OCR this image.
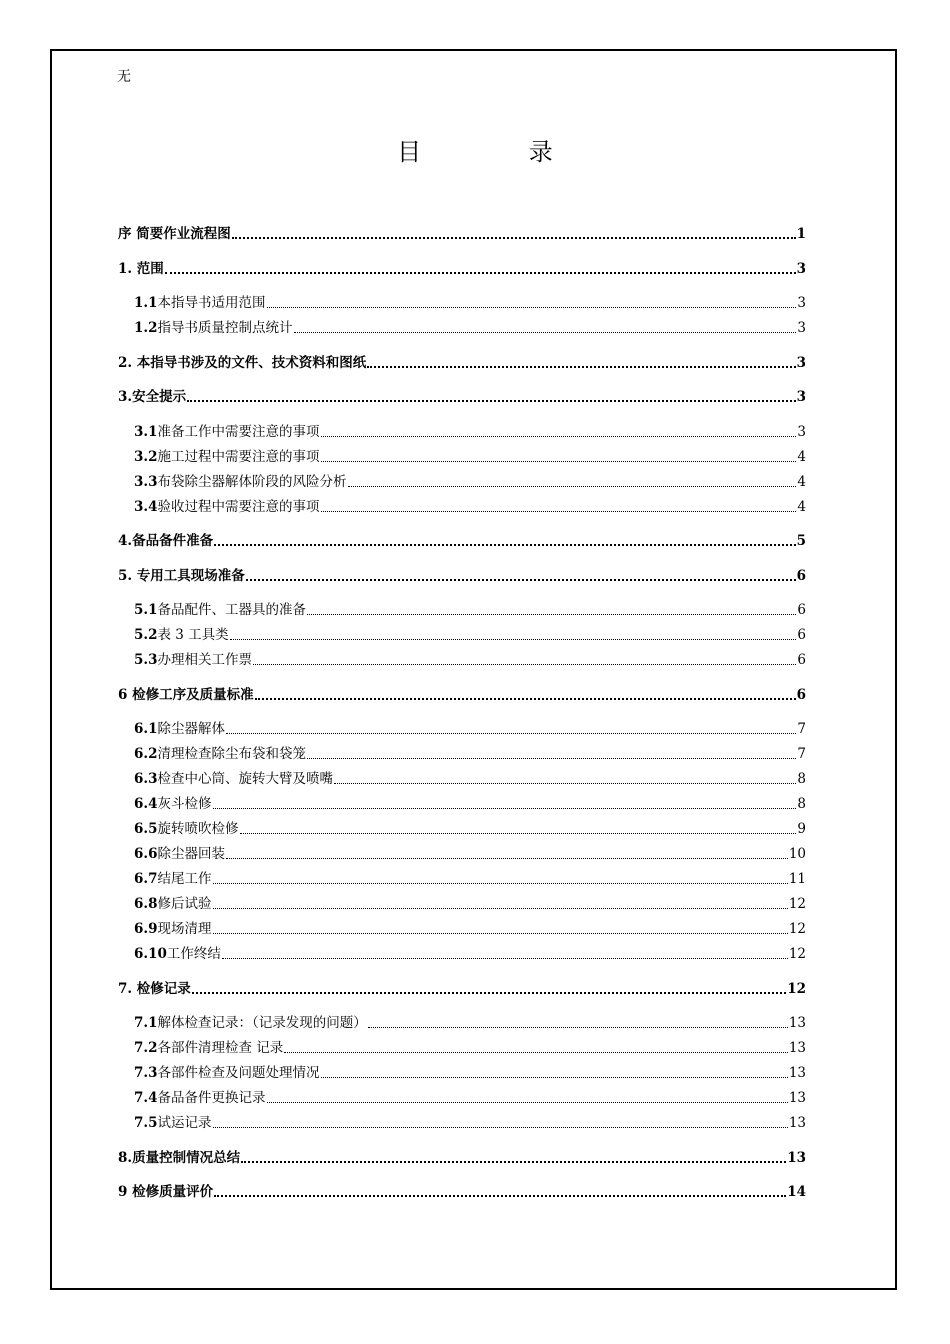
无
目 录
序 简要作业流程图	1
1. 范围	3
1.1 本指导书适用范围	3
1.2 指导书质量控制点统计	3
2. 本指导书涉及的文件、技术资料和图纸	3
3.安全提示	3
3.1 准备工作中需要注意的事项	3
3.2 施工过程中需要注意的事项	4
3.3 布袋除尘器解体阶段的风险分析	4
3.4 验收过程中需要注意的事项	4
4.备品备件准备	5
5. 专用工具现场准备	6
5.1 备品配件、工器具的准备	6
5.2 表 3 工具类	6
5.3 办理相关工作票	6
6 检修工序及质量标准	6
6.1 除尘器解体	7
6.2 清理检查除尘布袋和袋笼	7
6.3 检查中心筒、旋转大臂及喷嘴	8
6.4 灰斗检修	8
6.5 旋转喷吹检修	9
6.6 除尘器回装	10
6.7 结尾工作	11
6.8 修后试验	12
6.9 现场清理	12
6.10 工作终结	12
7. 检修记录	12
7.1 解体检查记录：（记录发现的问题）	13
7.2 各部件清理检查 记录	13
7.3 各部件检查及问题处理情况	13
7.4 备品备件更换记录	13
7.5 试运记录	13
8.质量控制情况总结	13
9 检修质量评价	14
